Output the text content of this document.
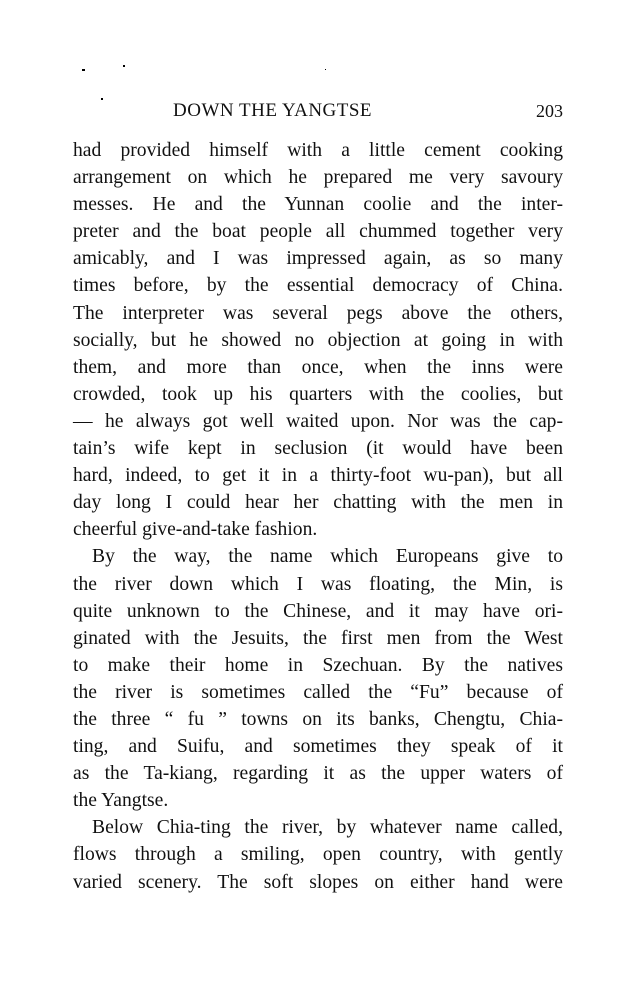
DOWN THE YANGTSE	203
had provided himself with a little cement cooking
arrangement on which he prepared me very savoury
messes. He and the Yunnan coolie and the inter-
preter and the boat people all chummed together very
amicably, and I was impressed again, as so many
times before, by the essential democracy of China.
The interpreter was several pegs above the others,
socially, but he showed no objection at going in with
them, and more than once, when the inns were
crowded, took up his quarters with the coolies, but
— he always got well waited upon. Nor was the cap-
tain’s wife kept in seclusion (it would have been
hard, indeed, to get it in a thirty-foot wu-pan), but all
day long I could hear her chatting with the men in
cheerful give-and-take fashion.
By the way, the name which Europeans give to
the river down which I was floating, the Min, is
quite unknown to the Chinese, and it may have ori-
ginated with the Jesuits, the first men from the West
to make their home in Szechuan. By the natives
the river is sometimes called the “Fu” because of
the three “ fu ” towns on its banks, Chengtu, Chia-
ting, and Suifu, and sometimes they speak of it
as the Ta-kiang, regarding it as the upper waters of
the Yangtse.
Below Chia-ting the river, by whatever name called,
flows through a smiling, open country, with gently
varied scenery. The soft slopes on either hand were
